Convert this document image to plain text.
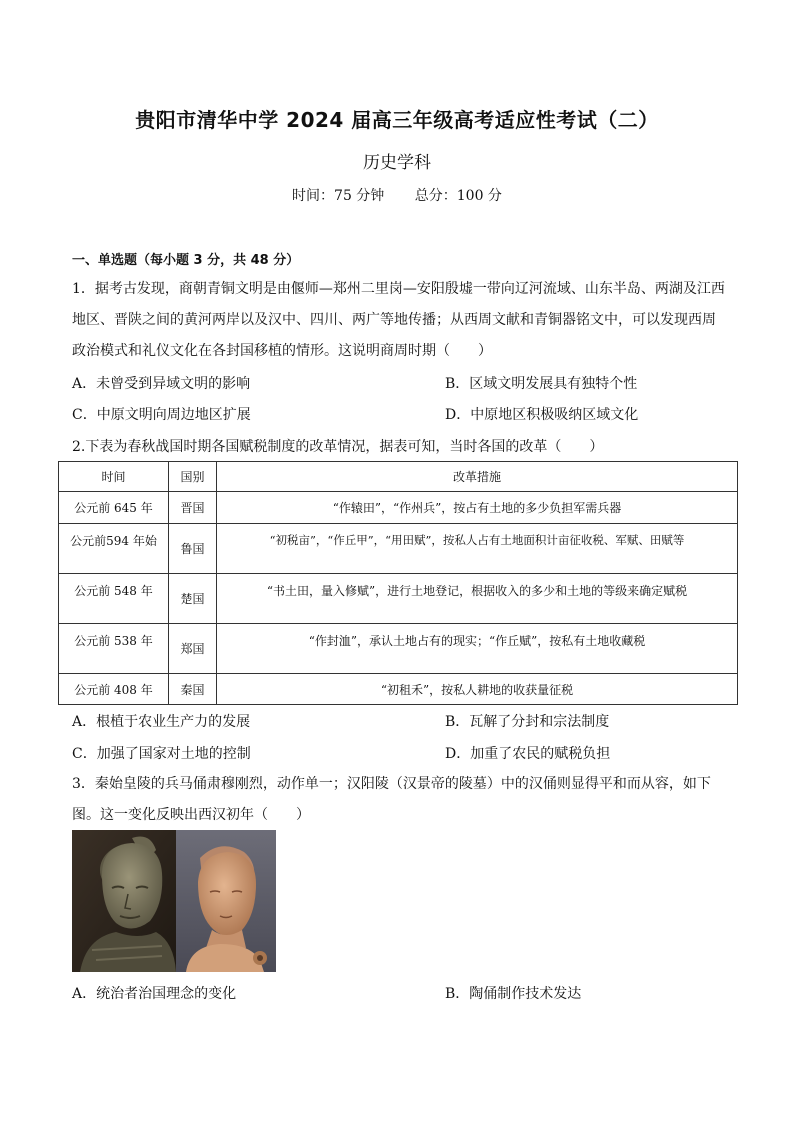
贵阳市清华中学 2024 届高三年级高考适应性考试（二）
历史学科
时间：75 分钟 总分：100 分
一、单选题（每小题 3 分，共 48 分）
1．据考古发现，商朝青铜文明是由偃师—郑州二里岗—安阳殷墟一带向辽河流域、山东半岛、两湖及江西地区、晋陕之间的黄河两岸以及汉中、四川、两广等地传播；从西周文献和青铜器铭文中，可以发现西周政治模式和礼仪文化在各封国移植的情形。这说明商周时期（　　）
A．未曾受到异域文明的影响	B．区域文明发展具有独特个性
C．中原文明向周边地区扩展	D．中原地区积极吸纳区域文化
2.下表为春秋战国时期各国赋税制度的改革情况，据表可知，当时各国的改革（　　）
时间	国别	改革措施
公元前 645 年	晋国	“作辕田”，“作州兵”，按占有土地的多少负担军需兵器
公元前594 年始	鲁国	“初税亩”，“作丘甲”，“用田赋”，按私人占有土地面积计亩征收税、军赋、田赋等
公元前 548 年	楚国	“书土田，量入修赋”，进行土地登记，根据收入的多少和土地的等级来确定赋税
公元前 538 年	郑国	“作封洫”，承认土地占有的现实；“作丘赋”，按私有土地收藏税
公元前 408 年	秦国	“初租禾”，按私人耕地的收获量征税
A．根植于农业生产力的发展	B．瓦解了分封和宗法制度
C．加强了国家对土地的控制	D．加重了农民的赋税负担
3．秦始皇陵的兵马俑肃穆刚烈，动作单一；汉阳陵（汉景帝的陵墓）中的汉俑则显得平和而从容，如下图。这一变化反映出西汉初年（　　）
A．统治者治国理念的变化	B．陶俑制作技术发达
